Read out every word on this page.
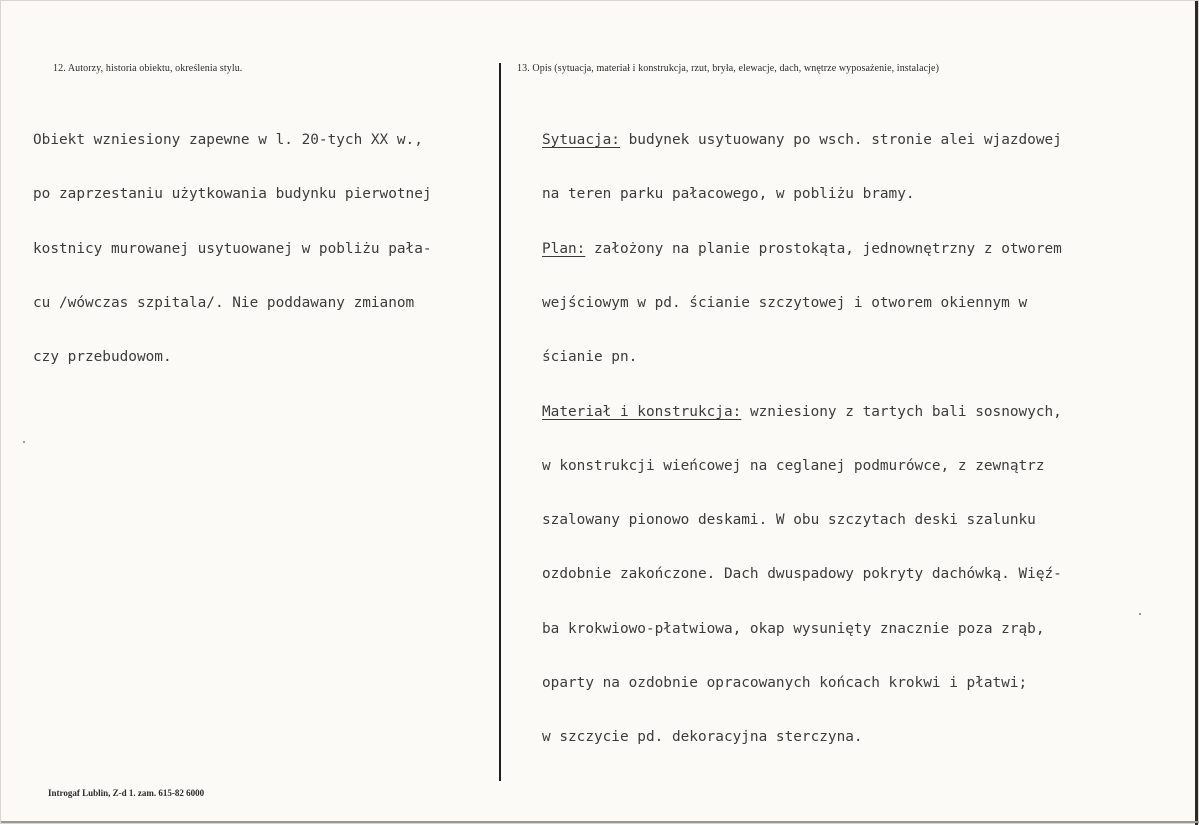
12. Autorzy, historia obiektu, określenia stylu.	13. Opis (sytuacja, materiał i konstrukcja, rzut, bryła, elewacje, dach, wnętrze wyposażenie, instalacje)

Obiekt wzniesiony zapewne w l. 20-tych XX w.,

po zaprzestaniu użytkowania budynku pierwotnej

kostnicy murowanej usytuowanej w pobliżu pała-

cu /wówczas szpitala/. Nie poddawany zmianom

czy przebudowom.

Sytuacja: budynek usytuowany po wsch. stronie alei wjazdowej

na teren parku pałacowego, w pobliżu bramy.

Plan: założony na planie prostokąta, jednownętrzny z otworem

wejściowym w pd. ścianie szczytowej i otworem okiennym w

ścianie pn.

Materiał i konstrukcja: wzniesiony z tartych bali sosnowych,

w konstrukcji wieńcowej na ceglanej podmurówce, z zewnątrz

szalowany pionowo deskami. W obu szczytach deski szalunku

ozdobnie zakończone. Dach dwuspadowy pokryty dachówką. Więź-

ba krokwiowo-płatwiowa, okap wysunięty znacznie poza zrąb,

oparty na ozdobnie opracowanych końcach krokwi i płatwi;

w szczycie pd. dekoracyjna sterczyna.

Introgaf Lublin, Z-d 1. zam. 615-82 6000
